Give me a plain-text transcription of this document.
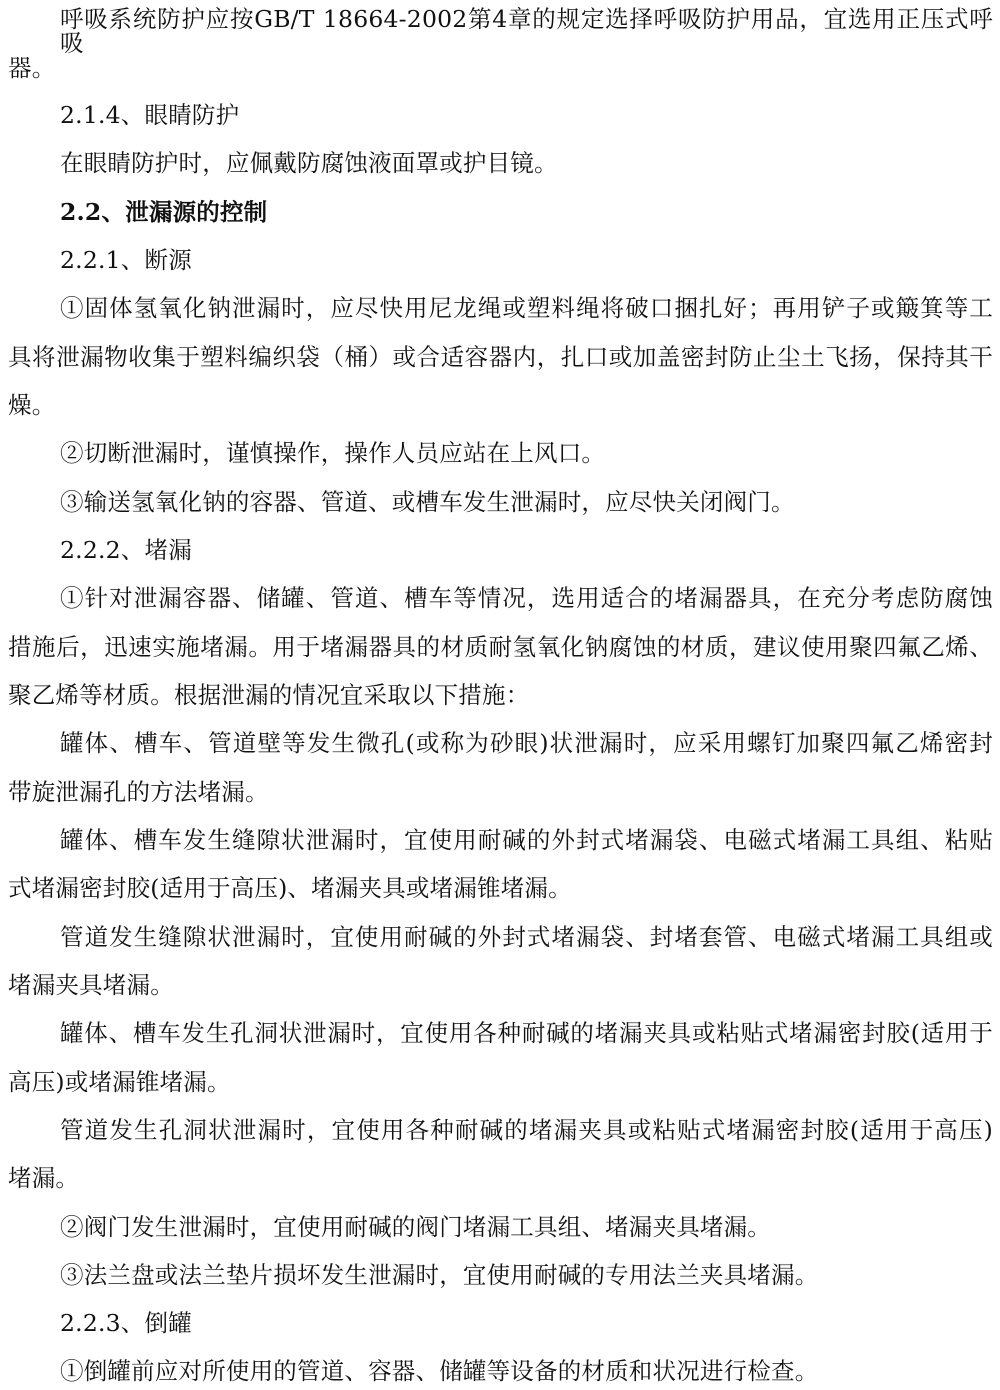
呼吸系统防护应按GB/T 18664-2002第4章的规定选择呼吸防护用品，宜选用正压式呼吸
器。
2.1.4、眼睛防护
在眼睛防护时，应佩戴防腐蚀液面罩或护目镜。
2.2、泄漏源的控制
2.2.1、断源
①固体氢氧化钠泄漏时，应尽快用尼龙绳或塑料绳将破口捆扎好；再用铲子或簸箕等工
具将泄漏物收集于塑料编织袋（桶）或合适容器内，扎口或加盖密封防止尘土飞扬，保持其干
燥。
②切断泄漏时，谨慎操作，操作人员应站在上风口。
③输送氢氧化钠的容器、管道、或槽车发生泄漏时，应尽快关闭阀门。
2.2.2、堵漏
①针对泄漏容器、储罐、管道、槽车等情况，选用适合的堵漏器具，在充分考虑防腐蚀
措施后，迅速实施堵漏。用于堵漏器具的材质耐氢氧化钠腐蚀的材质，建议使用聚四氟乙烯、
聚乙烯等材质。根据泄漏的情况宜采取以下措施：
罐体、槽车、管道壁等发生微孔(或称为砂眼)状泄漏时，应采用螺钉加聚四氟乙烯密封
带旋泄漏孔的方法堵漏。
罐体、槽车发生缝隙状泄漏时，宜使用耐碱的外封式堵漏袋、电磁式堵漏工具组、粘贴
式堵漏密封胶(适用于高压)、堵漏夹具或堵漏锥堵漏。
管道发生缝隙状泄漏时，宜使用耐碱的外封式堵漏袋、封堵套管、电磁式堵漏工具组或
堵漏夹具堵漏。
罐体、槽车发生孔洞状泄漏时，宜使用各种耐碱的堵漏夹具或粘贴式堵漏密封胶(适用于
高压)或堵漏锥堵漏。
管道发生孔洞状泄漏时，宜使用各种耐碱的堵漏夹具或粘贴式堵漏密封胶(适用于高压)
堵漏。
②阀门发生泄漏时，宜使用耐碱的阀门堵漏工具组、堵漏夹具堵漏。
③法兰盘或法兰垫片损坏发生泄漏时，宜使用耐碱的专用法兰夹具堵漏。
2.2.3、倒罐
①倒罐前应对所使用的管道、容器、储罐等设备的材质和状况进行检查。
